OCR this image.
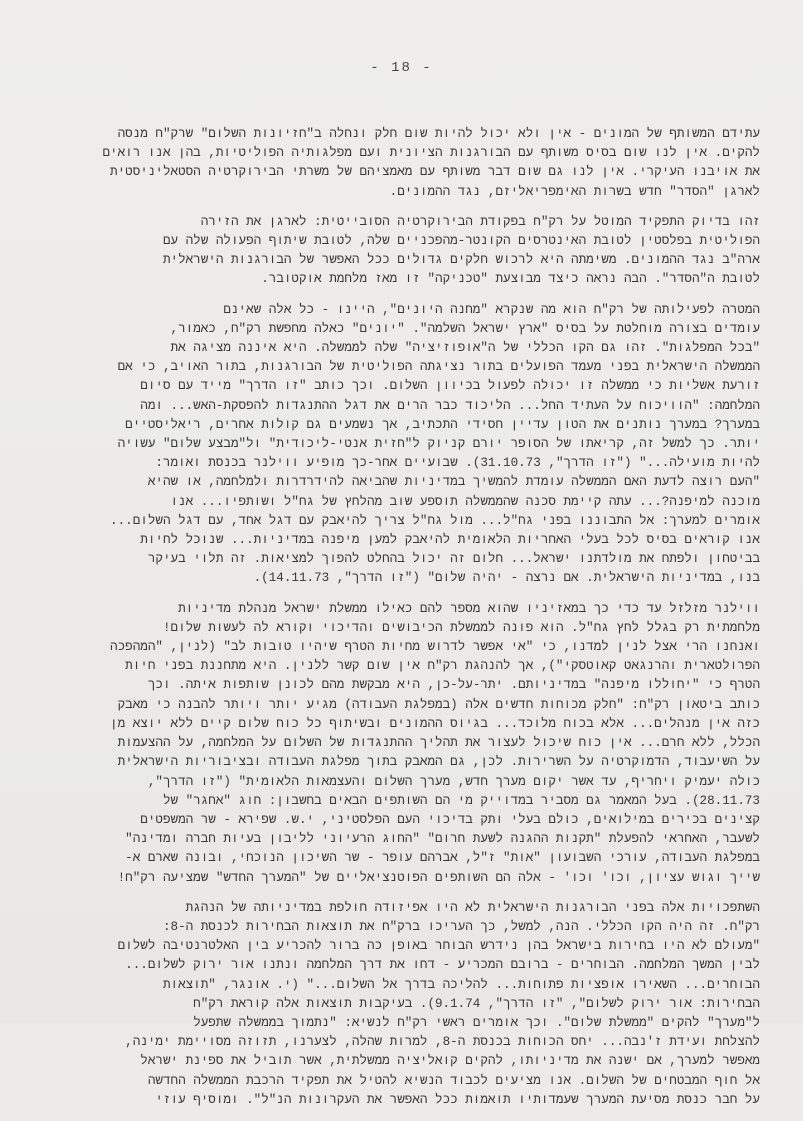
- 18 -
עתידם המשותף של המונים - אין ולא יכול להיות שום חלק ונחלה ב"חזיונות השלום" שרק"ח מנסה
להקים. אין לנו שום בסיס משותף עם הבורגנות הציונית ועם מפלגותיה הפוליטיות, בהן אנו רואים
את אויבנו העיקרי. אין לנו גם שום דבר משותף עם מאמציהם של משרתי הבירוקרטיה הסטאליניסטית
לארגן "הסדר" חדש בשרות האימפריאליזם, נגד ההמונים.
זהו בדיוק התפקיד המוטל על רק"ח בפקודת הבירוקרטיה הסובייטית: לארגן את הזירה
הפוליטית בפלסטין לטובת האינטרסים הקונטר-מהפכניים שלה, לטובת שיתוף הפעולה שלה עם
ארה"ב נגד ההמונים. משימתה היא לרכוש חלקים גדולים ככל האפשר של הבורגנות הישראלית
לטובת ה"הסדר". הבה נראה כיצד מבוצעת "טכניקה" זו מאז מלחמת אוקטובר.
המטרה לפעילותה של רק"ח הוא מה שנקרא "מחנה היונים", היינו - כל אלה שאינם
עומדים בצורה מוחלטת על בסיס "ארץ ישראל השלמה". "יונים" כאלה מחפשת רק"ח, כאמור,
"בכל המפלגות". זהו גם הקו הכללי של ה"אופוזיציה" שלה לממשלה. היא איננה מציגה את
הממשלה הישראלית בפני מעמד הפועלים בתור נציגתה הפוליטית של הבורגנות, בתור האויב, כי אם
זורעת אשליות כי ממשלה זו יכולה לפעול בכיוון השלום. וכך כותב "זו הדרך" מייד עם סיום
המלחמה: "הוויכוח על העתיד החל... הליכוד כבר הרים את דגל ההתנגדות להפסקת-האש... ומה
במערך? במערך נותנים את הטון עדיין חסידי התכתיב, אך נשמעים גם קולות אחרים, ריאליסטיים
יותר. כך למשל זה, קריאתו של הסופר יורם קניוק ל"חזית אנטי-ליכודית" ול"מבצע שלום" עשויה
להיות מועילה..." ("זו הדרך", 31.10.73). שבועיים אחר-כך מופיע ווילנר בכנסת ואומר:
"העם רוצה לדעת האם הממשלה עומדת להמשיך במדיניות שהביאה להידרדרות ולמלחמה, או שהיא
מוכנה למיפנה?... עתה קיימת סכנה שהממשלה תוספע שוב מהלחץ של גח"ל ושותפיו... אנו
אומרים למערך: אל התבוננו בפני גח"ל... מול גח"ל צריך להיאבק עם דגל אחד, עם דגל השלום...
אנו קוראים בסיס לכל בעלי האחריות הלאומית להיאבק למען מיפנה במדיניות... שנוכל לחיות
בביטחון ולפתח את מולדתנו ישראל... חלום זה יכול בהחלט להפוך למציאות. זה תלוי בעיקר
בנו, במדיניות הישראלית. אם נרצה - יהיה שלום" ("זו הדרך", 14.11.73).
ווילנר מזלזל עד כדי כך במאזיניו שהוא מספר להם כאילו ממשלת ישראל מנהלת מדיניות
מלחמתית רק בגלל לחץ גח"ל. הוא פונה לממשלת הכיבושים והדיכוי וקורא לה לעשות שלום!
ואנחנו הרי אצל לנין למדנו, כי "אי אפשר לדרוש מחיות הטרף שיהיו טובות לב" (לנין, "המהפכה
הפרולטארית והרנגאט קאוטסקי"), אך להנהגת רק"ח אין שום קשר ללנין. היא מתחננת בפני חיות
הטרף כי "יחוללו מיפנה" במדיניותם. יתר-על-כן, היא מבקשת מהם לכונן שותפות איתה. וכך
כותב ביטאון רק"ח: "חלק מכוחות חדשים אלה (במפלגת העבודה) מגיע יותר ויותר להבנה כי מאבק
כזה אין מנהלים... אלא בכוח מלוכד... בגיוס ההמונים ובשיתוף כל כוח שלום קיים ללא יוצא מן
הכלל, ללא חרם... אין כוח שיכול לעצור את תהליך ההתנגדות של השלום על המלחמה, על ההצעמות
על השיעבוד, הדמוקרטיה על השרירות. לכן, גם המאבק בתוך מפלגת העבודה ובציבוריות הישראלית
כולה יעמיק ויחריף, עד אשר יקום מערך חדש, מערך השלום והעצמאות הלאומית" ("זו הדרך",
28.11.73). בעל המאמר גם מסביר במדוייק מי הם השותפים הבאים בחשבון: חוג "אחגר" של
קצינים בכירים במילואים, כולם בעלי ותק בדיכוי העם הפלסטיני, י.ש. שפירא - שר המשפטים
לשעבר, האחראי להפעלת "תקנות ההגנה לשעת חרום" "החוג הרעיוני לליבון בעיות חברה ומדינה"
במפלגת העבודה, עורכי השבועון "אות" ז"ל, אברהם עופר - שר השיכון הנוכחי, ובונה שארם א-
שייך וגוש עציון, וכו' וכו' - אלה הם השותפים הפוטנציאליים של "המערך החדש" שמציעה רק"ח!
השתפכויות אלה בפני הבורגנות הישראלית לא היו אפיזודה חולפת במדיניותה של הנהגת
רק"ח. זה היה הקו הכללי. הנה, למשל, כך העריכו ברק"ח את תוצאות הבחירות לכנסת ה-8:
"מעולם לא היו בחירות בישראל בהן נידרש הבוחר באופן כה ברור להכריע בין האלטרנטיבה לשלום
לבין המשך המלחמה. הבוחרים - ברובם המכריע - דחו את דרך המלחמה ונתנו אור ירוק לשלום...
הבוחרים... השאירו אופציות פתוחות... להליכה בדרך אל השלום..." (י. אונגר, "תוצאות
הבחירות: אור ירוק לשלום", "זו הדרך", 9.1.74). בעיקבות תוצאות אלה קוראת רק"ח
ל"מערך" להקים "ממשלת שלום". וכך אומרים ראשי רק"ח לנשיא: "נתמוך בממשלה שתפעל
להצלחת ועידת ז'נבה... יחס הכוחות בכנסת ה-8, למרות שהלה, לצערנו, תזוזה מסויימת ימינה,
מאפשר למערך, אם ישנה את מדיניותו, להקים קואליציה ממשלתית, אשר תוביל את ספינת ישראל
אל חוף המבטחים של השלום. אנו מציעים לכבוד הנשיא להטיל את תפקיד הרכבת הממשלה החדשה
על חבר כנסת מסיעת המערך שעמדותיו תואמות ככל האפשר את העקרונות הנ"ל". ומוסיף עוזי
